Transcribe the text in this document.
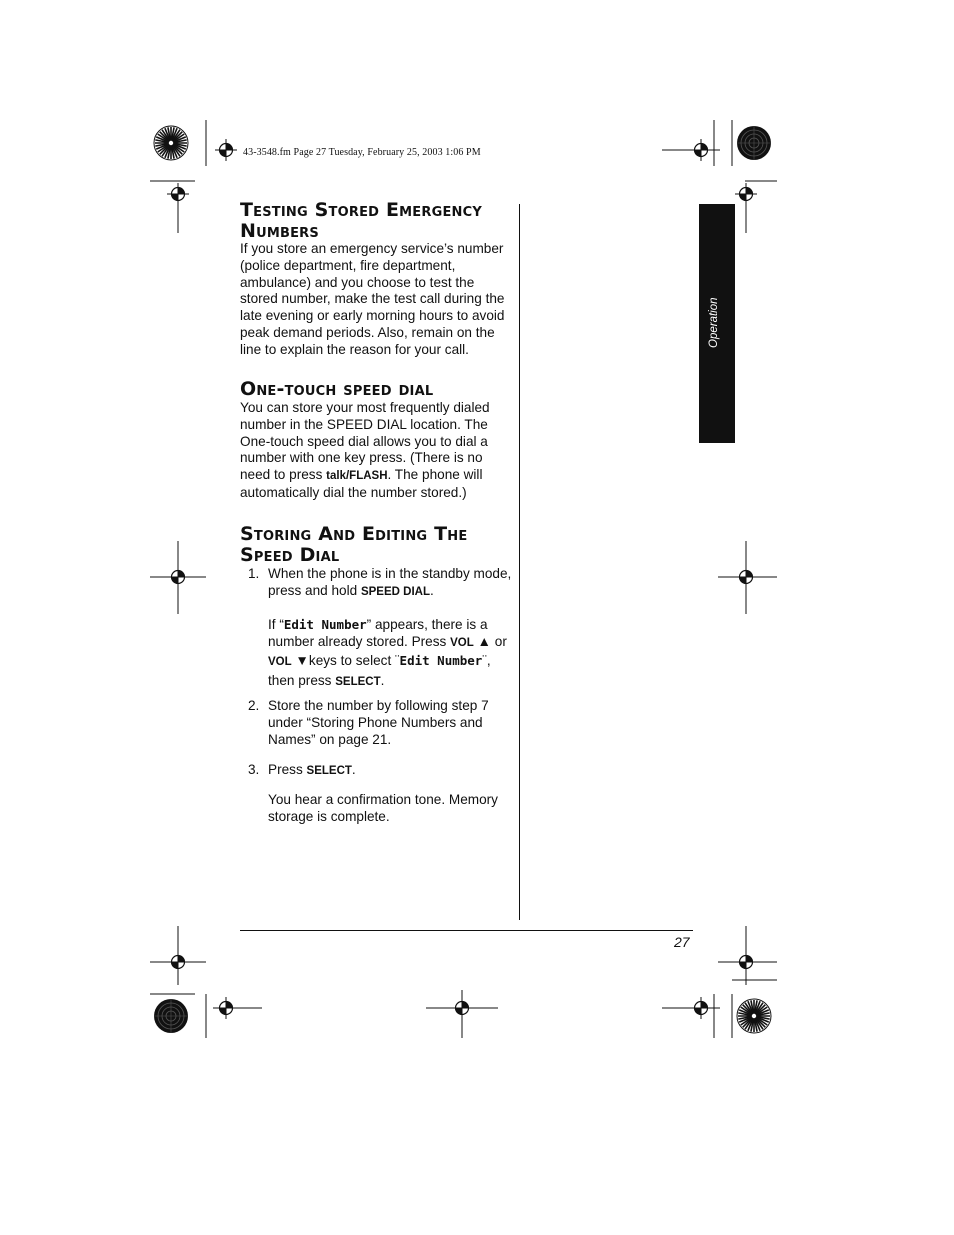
43-3548.fm Page 27 Tuesday, February 25, 2003 1:06 PM
Operation
Testing Stored Emergency
Numbers

If you store an emergency service’s number (police department, fire department, ambulance) and you choose to test the stored number, make the test call during the late evening or early morning hours to avoid peak demand periods. Also, remain on the line to explain the reason for your call.

One-touch speed dial

You can store your most frequently dialed number in the SPEED DIAL location. The One-touch speed dial allows you to dial a number with one key press. (There is no need to press talk/FLASH. The phone will automatically dial the number stored.)

Storing And Editing The
Speed Dial
1. When the phone is in the standby mode, press and hold SPEED DIAL.
If “Edit Number” appears, there is a number already stored. Press VOL ▲ or VOL ▼keys to select ¨Edit Number¨, then press SELECT.
2. Store the number by following step 7 under “Storing Phone Numbers and Names” on page 21.
3. Press SELECT.
You hear a confirmation tone. Memory storage is complete.
27
